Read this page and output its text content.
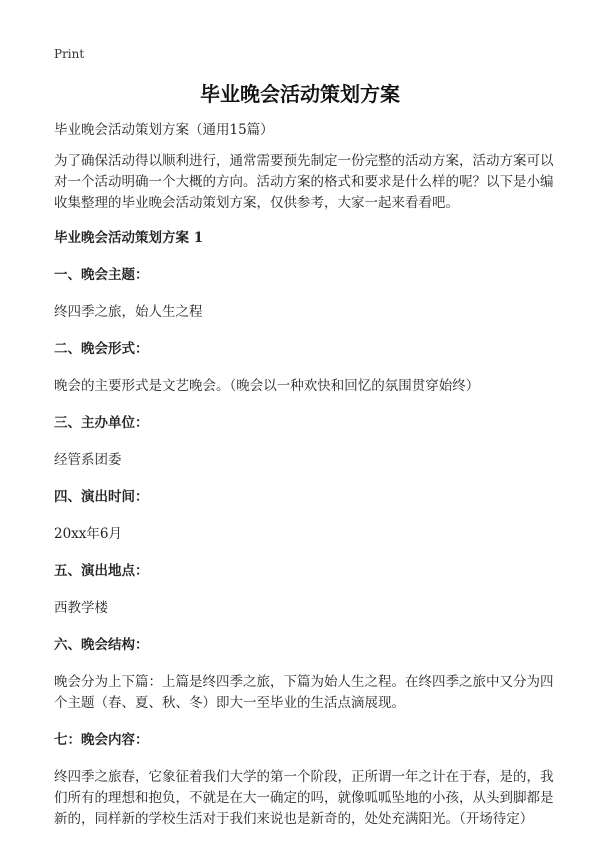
Print
毕业晚会活动策划方案

毕业晚会活动策划方案（通用15篇）

为了确保活动得以顺利进行，通常需要预先制定一份完整的活动方案，活动方案可以对一个活动明确一个大概的方向。活动方案的格式和要求是什么样的呢？以下是小编收集整理的毕业晚会活动策划方案，仅供参考，大家一起来看看吧。

毕业晚会活动策划方案 1

一、晚会主题：

终四季之旅，始人生之程

二、晚会形式：

晚会的主要形式是文艺晚会。（晚会以一种欢快和回忆的氛围贯穿始终）

三、主办单位：

经管系团委

四、演出时间：

20xx年6月

五、演出地点：

西教学楼

六、晚会结构：

晚会分为上下篇：上篇是终四季之旅，下篇为始人生之程。在终四季之旅中又分为四个主题（春、夏、秋、冬）即大一至毕业的生活点滴展现。

七：晚会内容：

终四季之旅春，它象征着我们大学的第一个阶段，正所谓一年之计在于春，是的，我们所有的理想和抱负，不就是在大一确定的吗，就像呱呱坠地的小孩，从头到脚都是新的，同样新的学校生活对于我们来说也是新奇的，处处充满阳光。（开场待定）
